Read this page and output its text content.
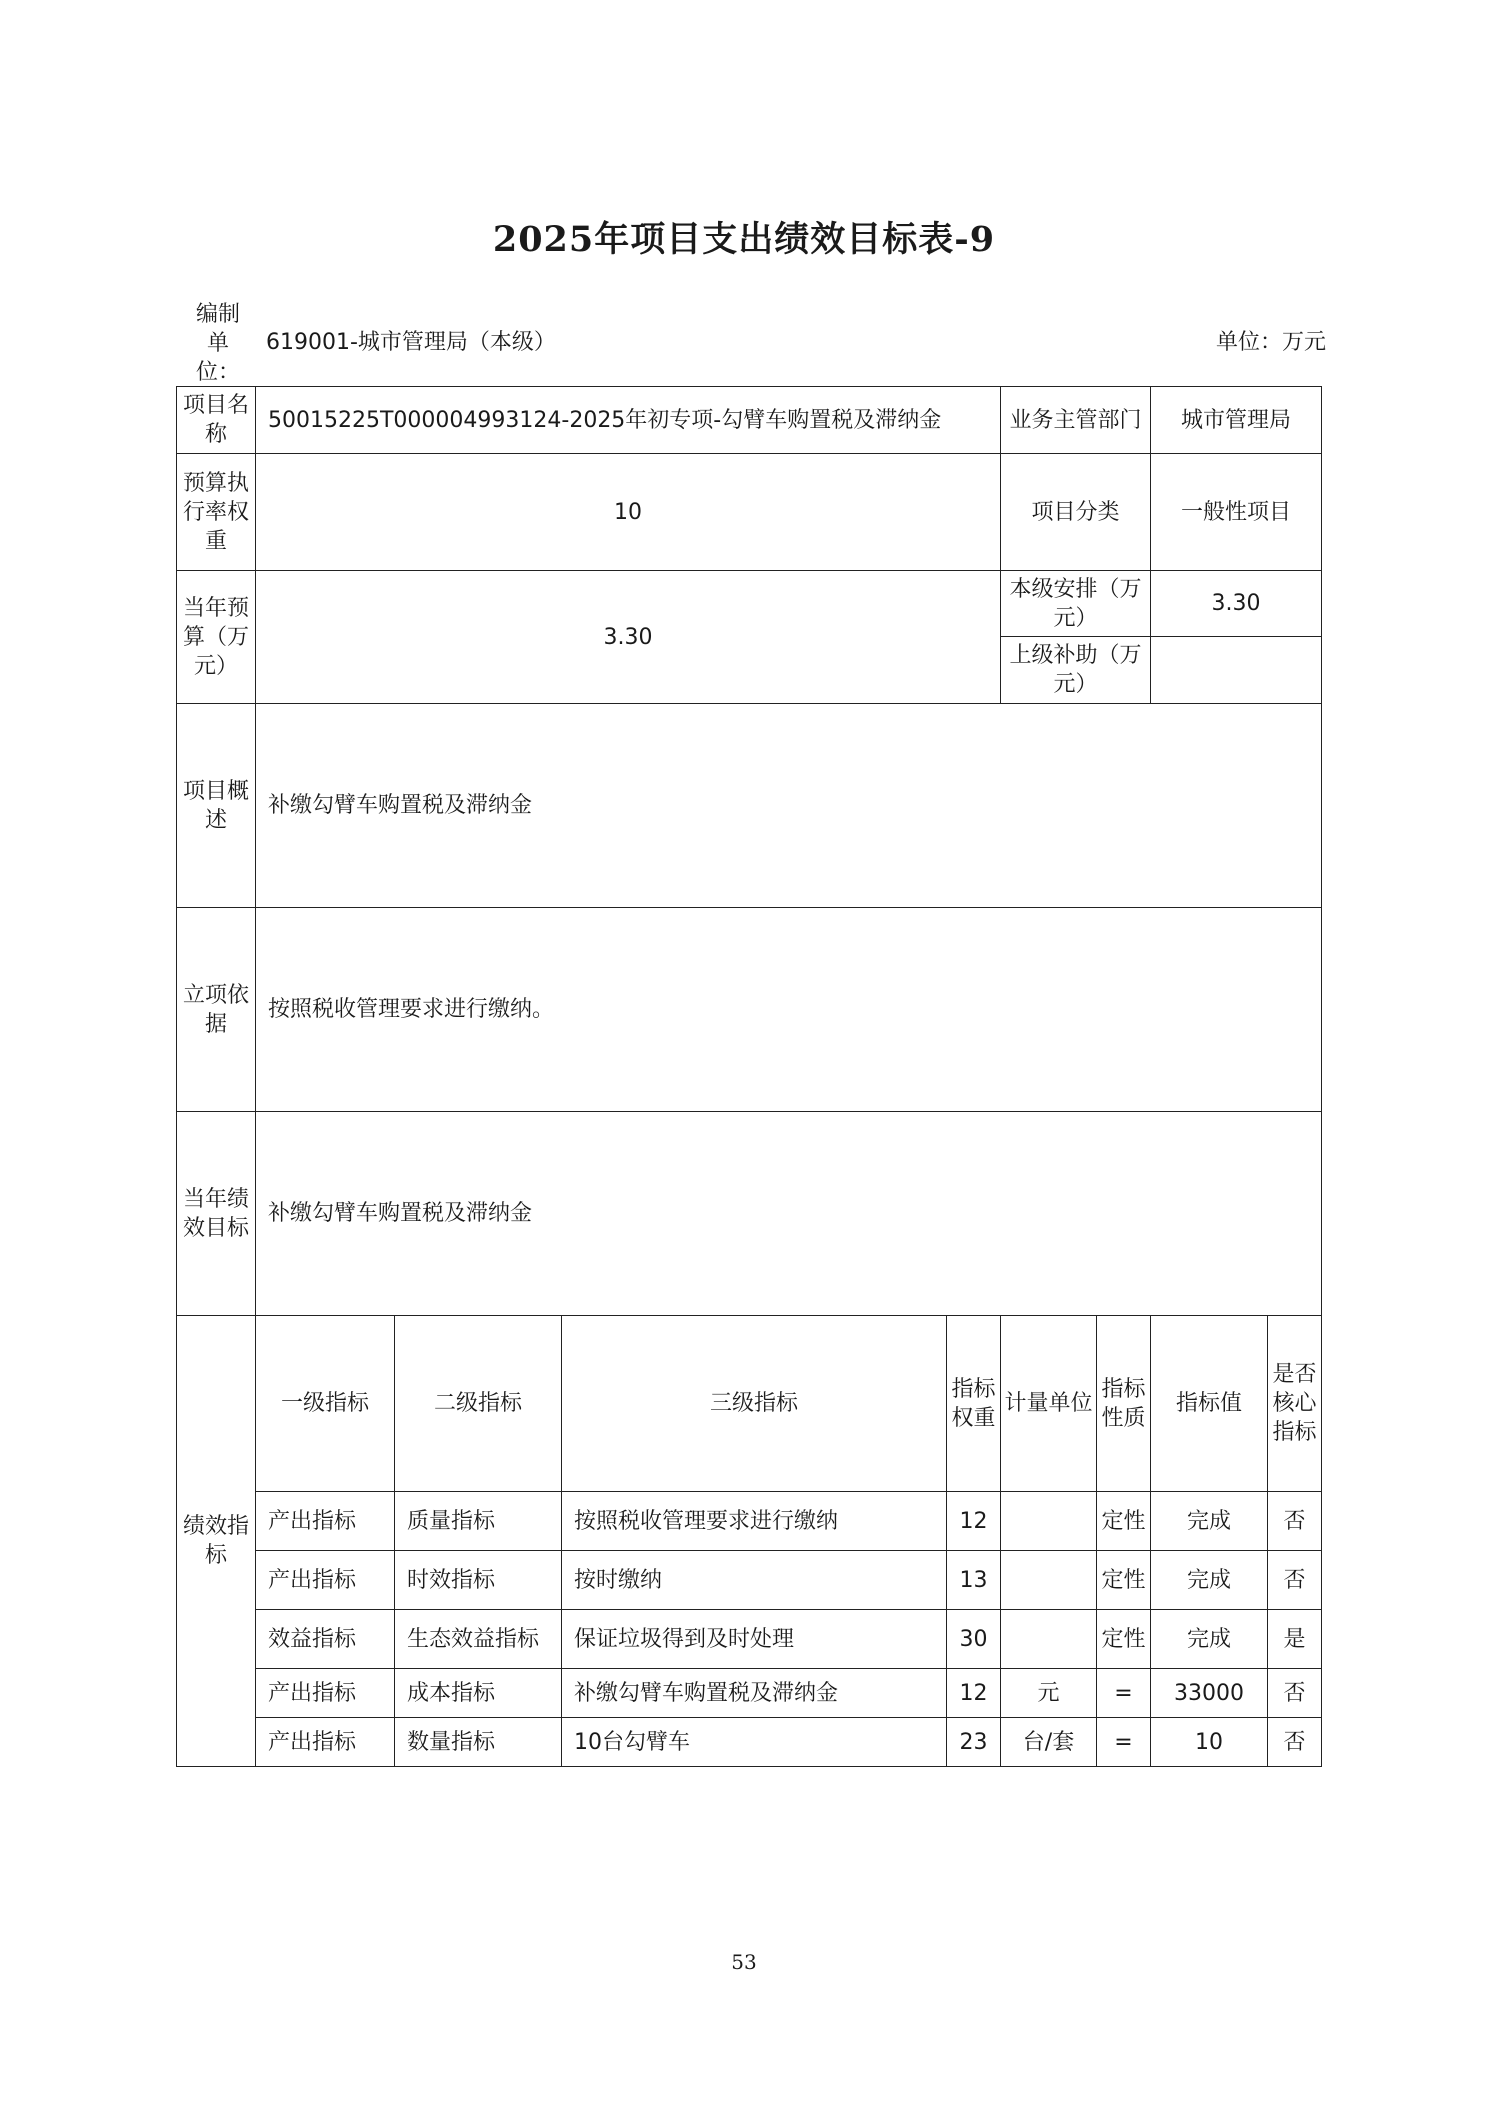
2025年项目支出绩效目标表-9
编制单位：
619001-城市管理局（本级）	单位：万元
项目名称	50015225T000004993124-2025年初专项-勾臂车购置税及滞纳金				业务主管部门		城市管理局	
预算执行率权重	10				项目分类		一般性项目	
当年预算（万元）	3.30				本级安排（万元）		3.30	
					上级补助（万元）			
项目概述	补缴勾臂车购置税及滞纳金							
立项依据	按照税收管理要求进行缴纳。							
当年绩效目标	补缴勾臂车购置税及滞纳金							
绩效指标	一级指标	二级指标	三级指标	指标权重	计量单位	指标性质	指标值	是否核心指标
	产出指标	质量指标	按照税收管理要求进行缴纳	12		定性	完成	否
	产出指标	时效指标	按时缴纳	13		定性	完成	否
	效益指标	生态效益指标	保证垃圾得到及时处理	30		定性	完成	是
	产出指标	成本指标	补缴勾臂车购置税及滞纳金	12	元	=	33000	否
	产出指标	数量指标	10台勾臂车	23	台/套	=	10	否
53
